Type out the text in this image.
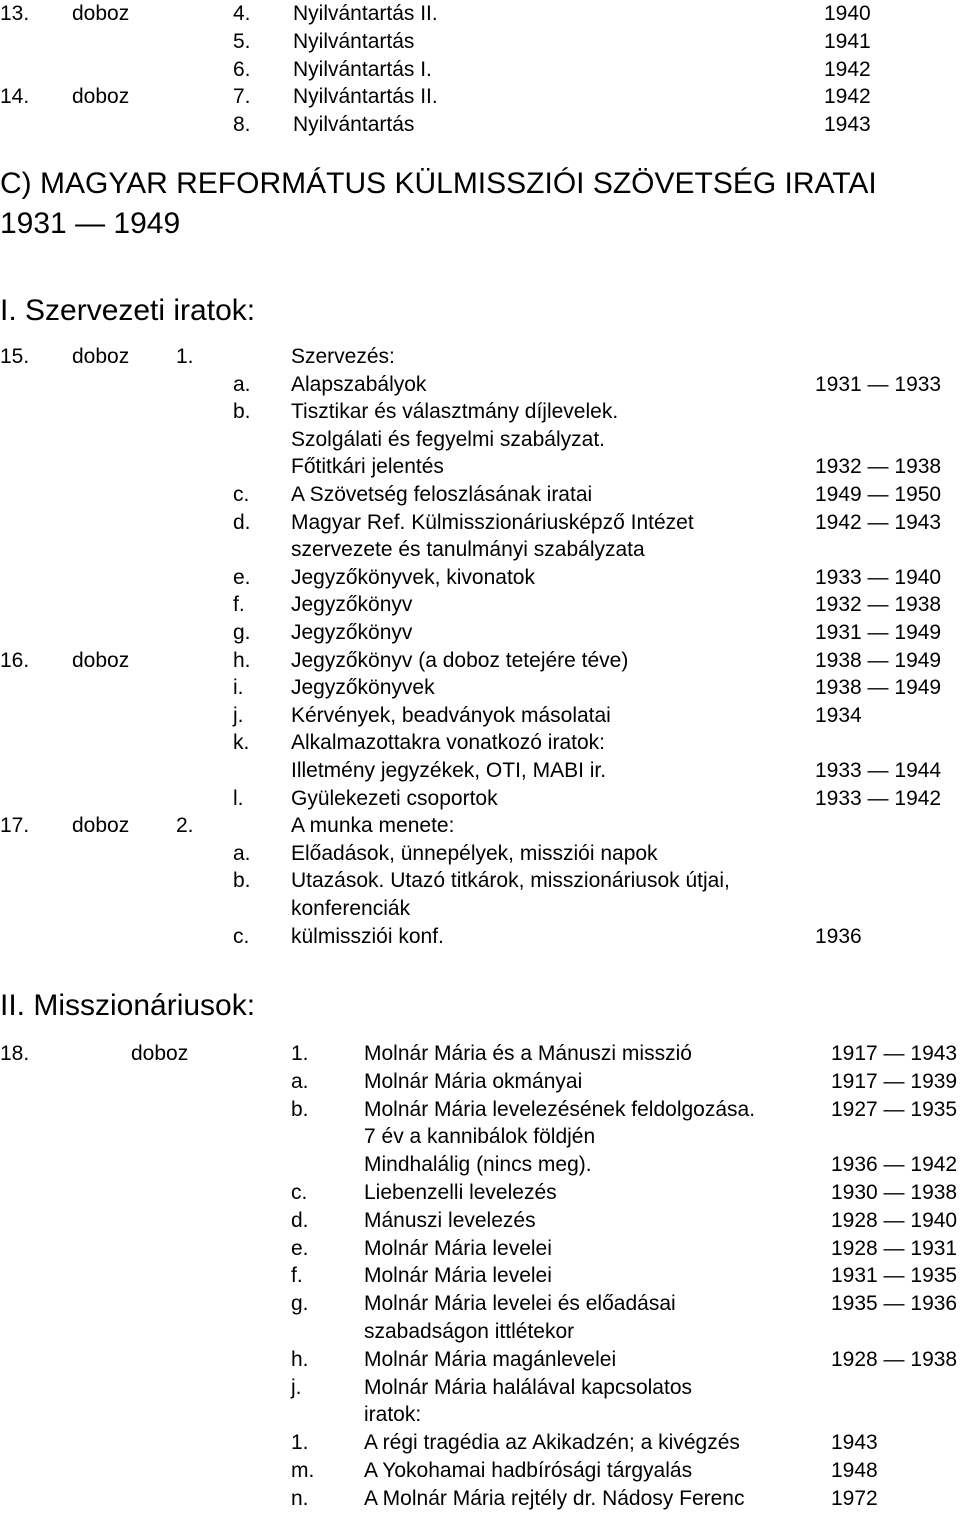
13. doboz	4. Nyilvántartás II.	1940
5. Nyilvántartás	1941
6. Nyilvántartás I.	1942
14. doboz	7. Nyilvántartás II.	1942
8. Nyilvántartás	1943
15. doboz 1.	Szervezés:
a. Alapszabályok	1931 — 1933
b. Tisztikar és választmány díjlevelek.
Szolgálati és fegyelmi szabályzat.
Főtitkári jelentés	1932 — 1938
c. A Szövetség feloszlásának iratai	1949 — 1950
d. Magyar Ref. Külmisszionáriusképző Intézet	1942 — 1943
szervezete és tanulmányi szabályzata
e. Jegyzőkönyvek, kivonatok	1933 — 1940
f. Jegyzőkönyv	1932 — 1938
g. Jegyzőkönyv	1931 — 1949
16. doboz	h. Jegyzőkönyv (a doboz tetejére téve)	1938 — 1949
i. Jegyzőkönyvek	1938 — 1949
j. Kérvények, beadványok másolatai	1934
k. Alkalmazottakra vonatkozó iratok:
Illetmény jegyzékek, OTI, MABI ir.	1933 — 1944
l. Gyülekezeti csoportok	1933 — 1942
17. doboz 2.	A munka menete:
a. Előadások, ünnepélyek, missziói napok
b. Utazások. Utazó titkárok, misszionáriusok útjai,
konferenciák
c. külmissziói konf.	1936
18.	doboz	1.	Molnár Mária és a Mánuszi misszió	1917 — 1943
a.	Molnár Mária okmányai	1917 — 1939
b.	Molnár Mária levelezésének feldolgozása.	1927 — 1935
7 év a kannibálok földjén
Mindhalálig (nincs meg).	1936 — 1942
c.	Liebenzelli levelezés	1930 — 1938
d.	Mánuszi levelezés	1928 — 1940
e.	Molnár Mária levelei	1928 — 1931
f.	Molnár Mária levelei	1931 — 1935
g.	Molnár Mária levelei és előadásai	1935 — 1936
szabadságon ittlétekor
h.	Molnár Mária magánlevelei	1928 — 1938
j.	Molnár Mária halálával kapcsolatos
iratok:
1.	A régi tragédia az Akikadzén; a kivégzés	1943
m. A Yokohamai hadbírósági tárgyalás	1948
n.	A Molnár Mária rejtély dr. Nádosy Ferenc	1972
C) MAGYAR REFORMÁTUS KÜLMISSZIÓI SZÖVETSÉG IRATAI
1931 — 1949
I. Szervezeti iratok:
II. Misszionáriusok:
